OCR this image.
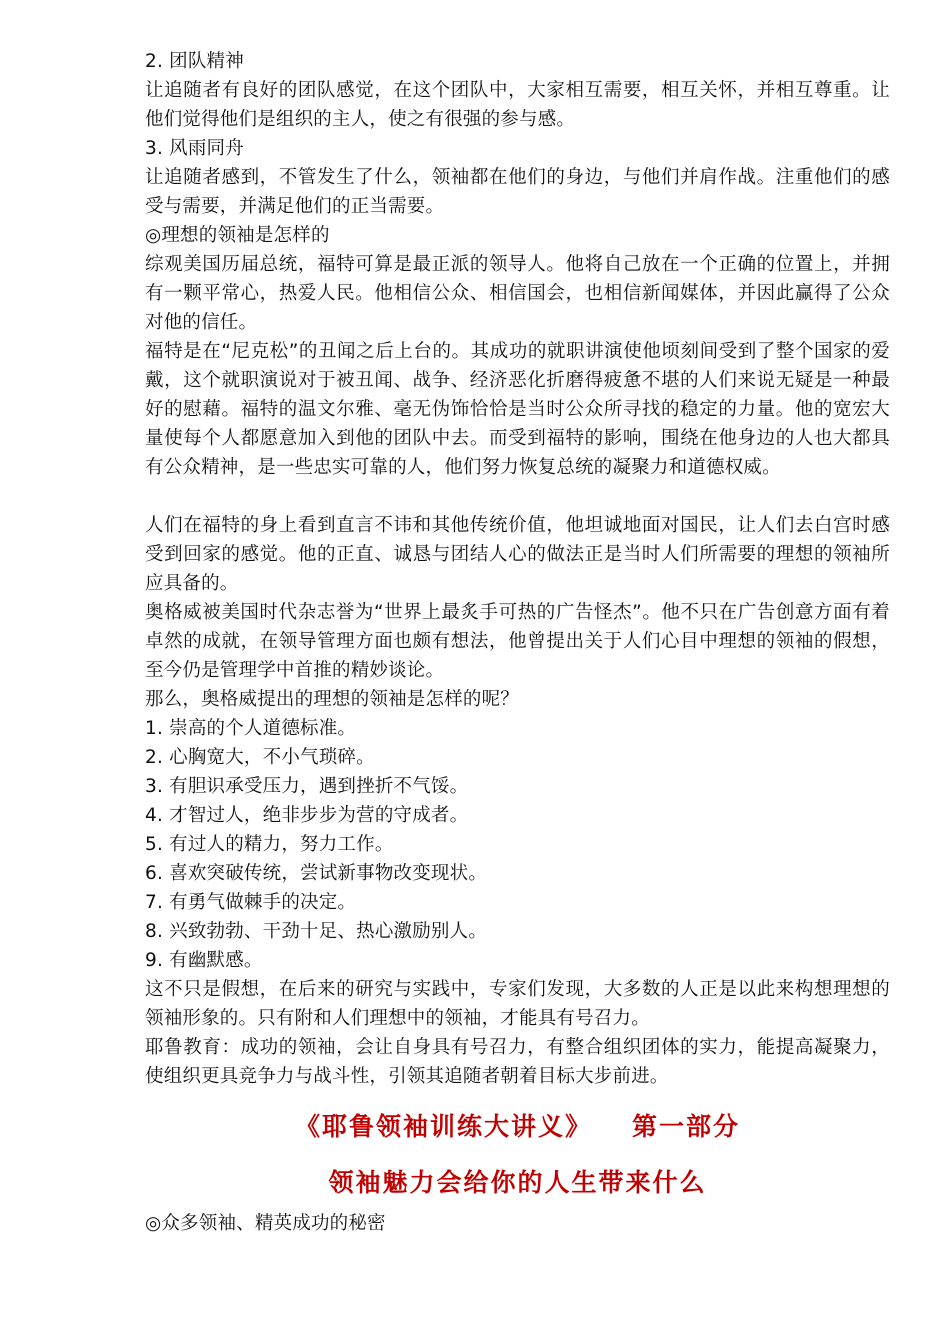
2. 团队精神

让追随者有良好的团队感觉，在这个团队中，大家相互需要，相互关怀，并相互尊重。让他们觉得他们是组织的主人，使之有很强的参与感。

3. 风雨同舟

让追随者感到，不管发生了什么，领袖都在他们的身边，与他们并肩作战。注重他们的感受与需要，并满足他们的正当需要。

◎理想的领袖是怎样的

综观美国历届总统，福特可算是最正派的领导人。他将自己放在一个正确的位置上，并拥有一颗平常心，热爱人民。他相信公众、相信国会，也相信新闻媒体，并因此赢得了公众对他的信任。

福特是在“尼克松”的丑闻之后上台的。其成功的就职讲演使他顷刻间受到了整个国家的爱戴，这个就职演说对于被丑闻、战争、经济恶化折磨得疲惫不堪的人们来说无疑是一种最好的慰藉。福特的温文尔雅、毫无伪饰恰恰是当时公众所寻找的稳定的力量。他的宽宏大量使每个人都愿意加入到他的团队中去。而受到福特的影响，围绕在他身边的人也大都具有公众精神，是一些忠实可靠的人，他们努力恢复总统的凝聚力和道德权威。

人们在福特的身上看到直言不讳和其他传统价值，他坦诚地面对国民，让人们去白宫时感受到回家的感觉。他的正直、诚恳与团结人心的做法正是当时人们所需要的理想的领袖所应具备的。

奥格威被美国时代杂志誉为“世界上最炙手可热的广告怪杰”。他不只在广告创意方面有着卓然的成就，在领导管理方面也颇有想法，他曾提出关于人们心目中理想的领袖的假想，至今仍是管理学中首推的精妙谈论。

那么，奥格威提出的理想的领袖是怎样的呢？

1. 崇高的个人道德标准。

2. 心胸宽大，不小气琐碎。

3. 有胆识承受压力，遇到挫折不气馁。

4. 才智过人，绝非步步为营的守成者。

5. 有过人的精力，努力工作。

6. 喜欢突破传统，尝试新事物改变现状。

7. 有勇气做棘手的决定。

8. 兴致勃勃、干劲十足、热心激励别人。

9. 有幽默感。

这不只是假想，在后来的研究与实践中，专家们发现，大多数的人正是以此来构想理想的领袖形象的。只有附和人们理想中的领袖，才能具有号召力。

耶鲁教育：成功的领袖，会让自身具有号召力，有整合组织团体的实力，能提高凝聚力，使组织更具竞争力与战斗性，引领其追随者朝着目标大步前进。

《耶鲁领袖训练大讲义》 第一部分

领袖魅力会给你的人生带来什么

◎众多领袖、精英成功的秘密
